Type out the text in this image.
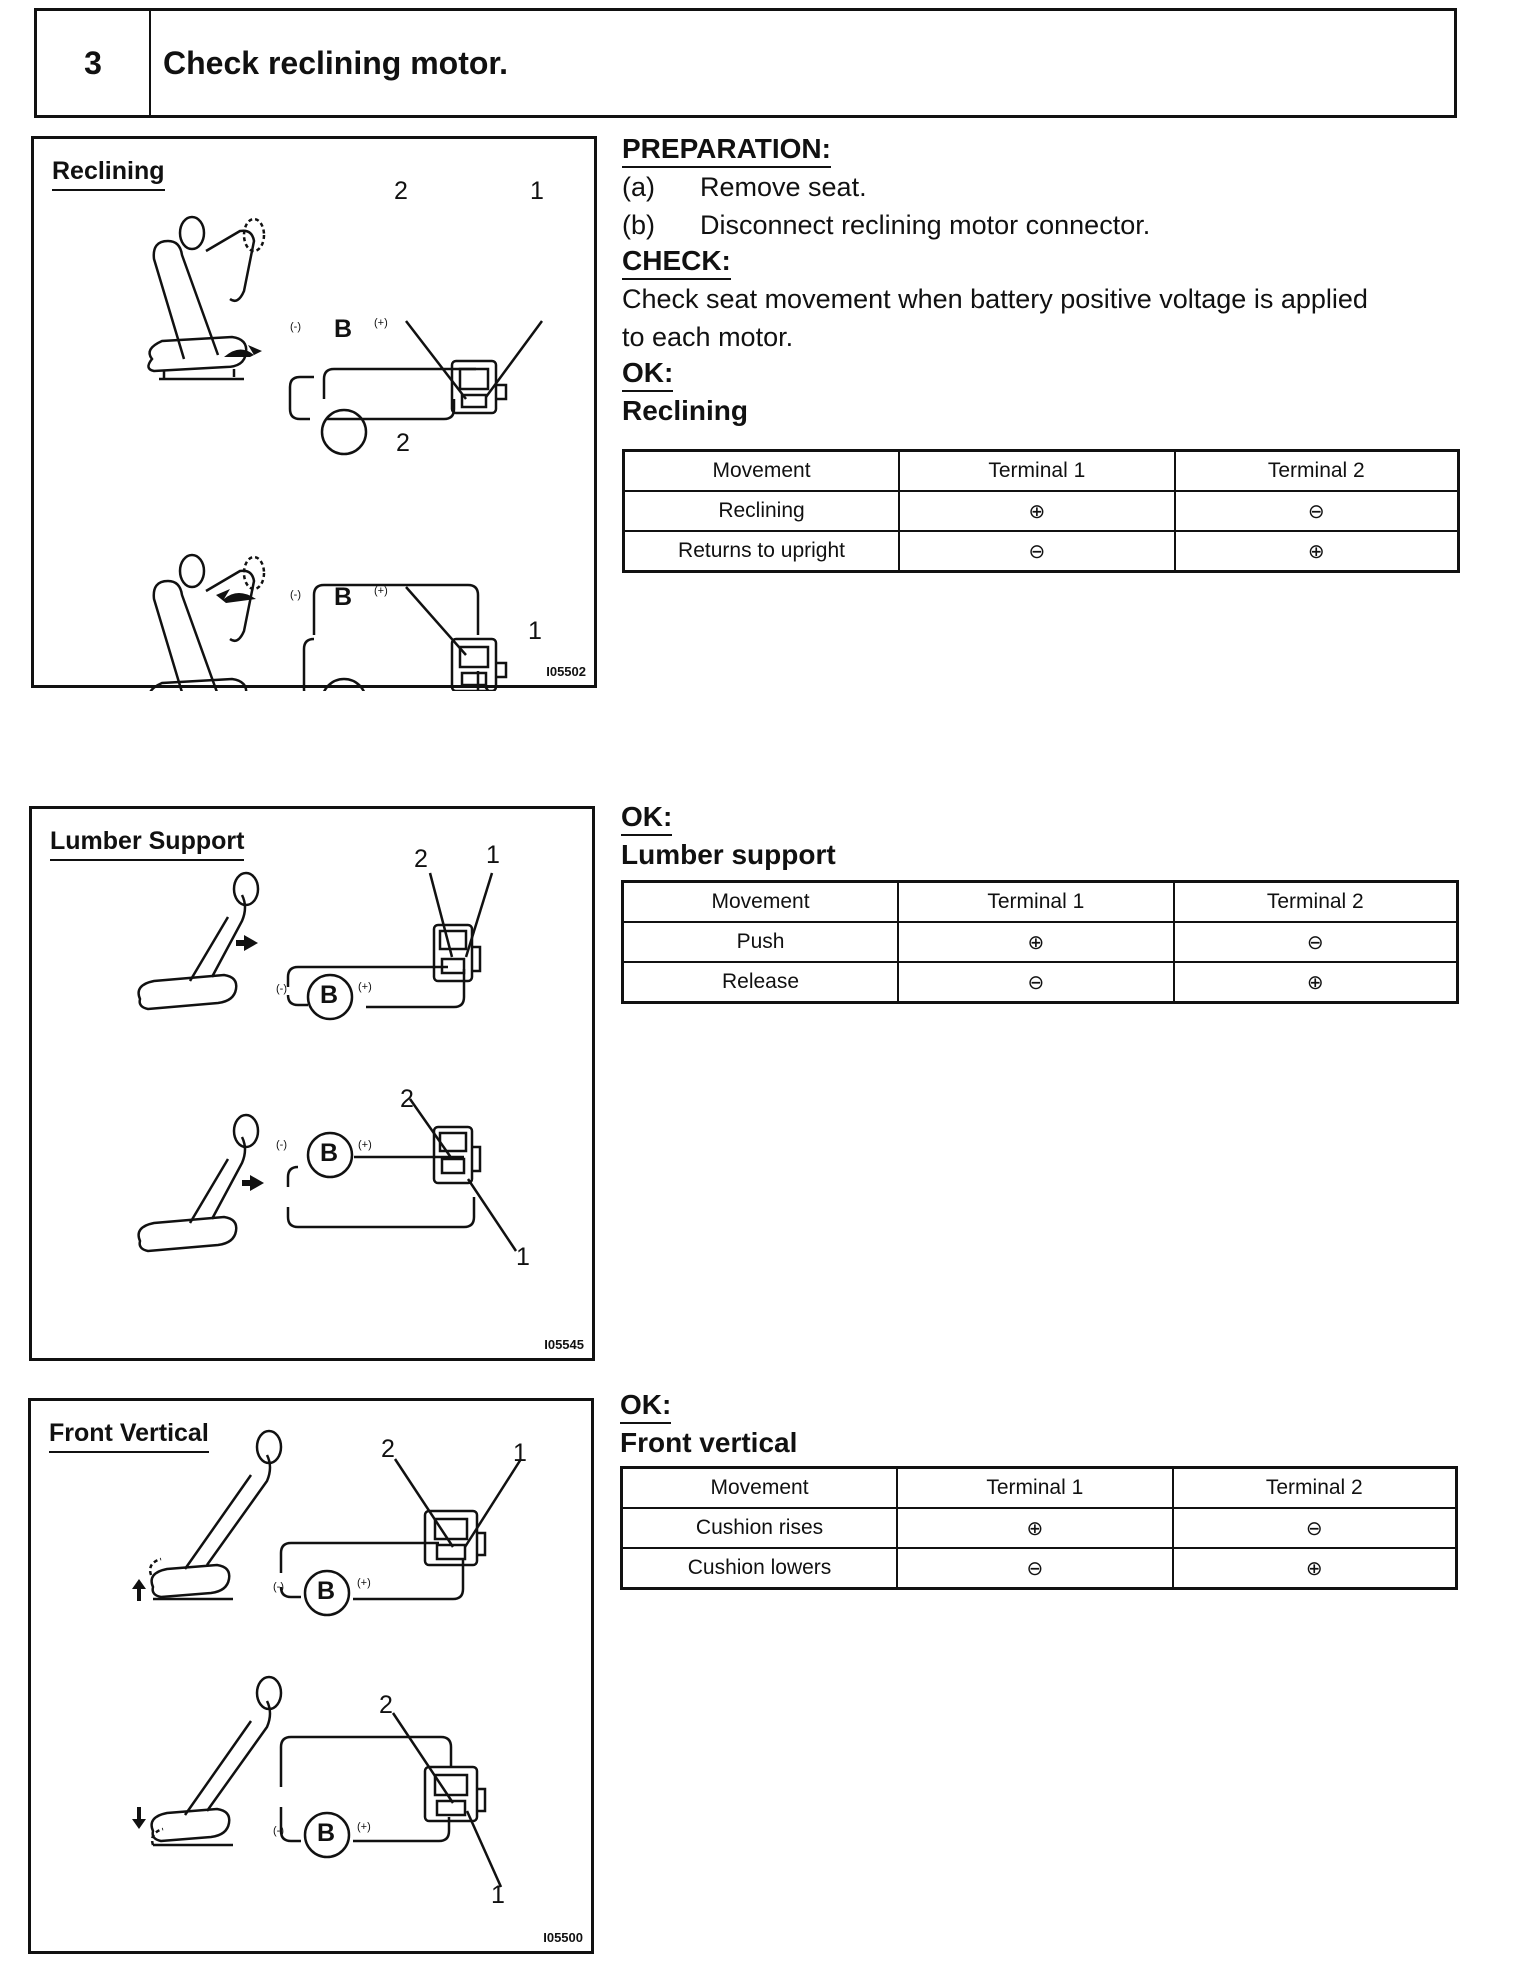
3	Check reclining motor.
Reclining
2	1
B
(-)	(+)
2
B
(-)	(+)
1
I05502
Lumber Support
2 1
B
(-)	(+)
2
B
(-)	(+)
1
I05545
Front Vertical
2	1
B
(-)	(+)
2
B
(-)	(+)
1
I05500
PREPARATION:
(a)	Remove seat.
(b)	Disconnect reclining motor connector.
CHECK:
Check seat movement when battery positive voltage is applied
to each motor.
OK:
Reclining
Movement	Terminal 1	Terminal 2
Reclining	⊕	⊖
Returns to upright	⊖	⊕
OK:
Lumber support
Movement	Terminal 1	Terminal 2
Push	⊕	⊖
Release	⊖	⊕
OK:
Front vertical
Movement	Terminal 1	Terminal 2
Cushion rises	⊕	⊖
Cushion lowers	⊖	⊕
